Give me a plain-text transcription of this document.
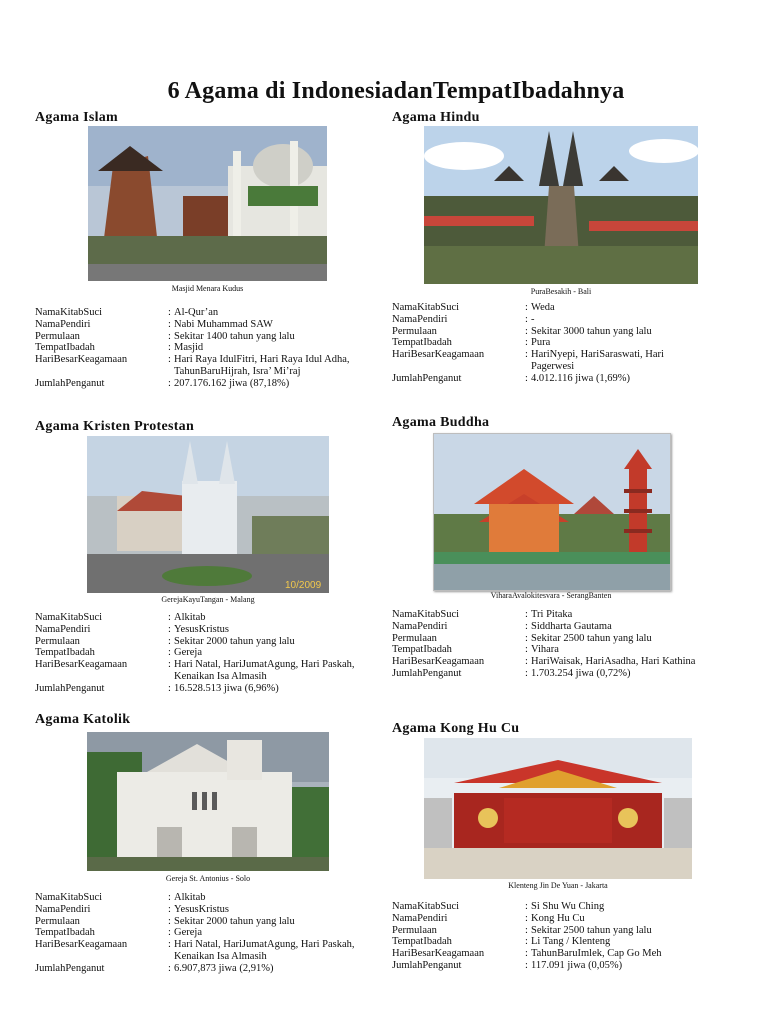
6 Agama di IndonesiadanTempatIbadahnya
Agama Islam
Masjid Menara Kudus
NamaKitabSuci	: Al-Qur’an
NamaPendiri	: Nabi Muhammad SAW
Permulaan	: Sekitar 1400 tahun yang lalu
TempatIbadah	: Masjid
HariBesarKeagamaan	: Hari Raya IdulFitri, Hari Raya Idul Adha, TahunBaruHijrah, Isra’ Mi’raj
JumlahPenganut	: 207.176.162 jiwa (87,18%)
Agama Hindu
PuraBesakih - Bali
NamaKitabSuci	: Weda
NamaPendiri	: -
Permulaan	: Sekitar 3000 tahun yang lalu
TempatIbadah	: Pura
HariBesarKeagamaan	: HariNyepi, HariSaraswati, Hari Pagerwesi
JumlahPenganut	: 4.012.116 jiwa (1,69%)
Agama Kristen Protestan
10/2009
GerejaKayuTangan - Malang
NamaKitabSuci	: Alkitab
NamaPendiri	: YesusKristus
Permulaan	: Sekitar 2000 tahun yang lalu
TempatIbadah	: Gereja
HariBesarKeagamaan	: Hari Natal, HariJumatAgung, Hari Paskah, Kenaikan Isa Almasih
JumlahPenganut	: 16.528.513 jiwa (6,96%)
Agama Buddha
ViharaAvalokitesvara - SerangBanten
NamaKitabSuci	: Tri Pitaka
NamaPendiri	: Siddharta Gautama
Permulaan	: Sekitar 2500 tahun yang lalu
TempatIbadah	: Vihara
HariBesarKeagamaan	: HariWaisak, HariAsadha, Hari Kathina
JumlahPenganut	: 1.703.254 jiwa (0,72%)
Agama Katolik
Gereja St. Antonius - Solo
NamaKitabSuci	: Alkitab
NamaPendiri	: YesusKristus
Permulaan	: Sekitar 2000 tahun yang lalu
TempatIbadah	: Gereja
HariBesarKeagamaan	: Hari Natal, HariJumatAgung, Hari Paskah, Kenaikan Isa Almasih
JumlahPenganut	: 6.907,873 jiwa (2,91%)
Agama Kong Hu Cu
Klenteng Jin De Yuan - Jakarta
NamaKitabSuci	: Si Shu Wu Ching
NamaPendiri	: Kong Hu Cu
Permulaan	: Sekitar 2500 tahun yang lalu
TempatIbadah	: Li Tang / Klenteng
HariBesarKeagamaan	: TahunBaruImlek, Cap Go Meh
JumlahPenganut	: 117.091 jiwa (0,05%)
